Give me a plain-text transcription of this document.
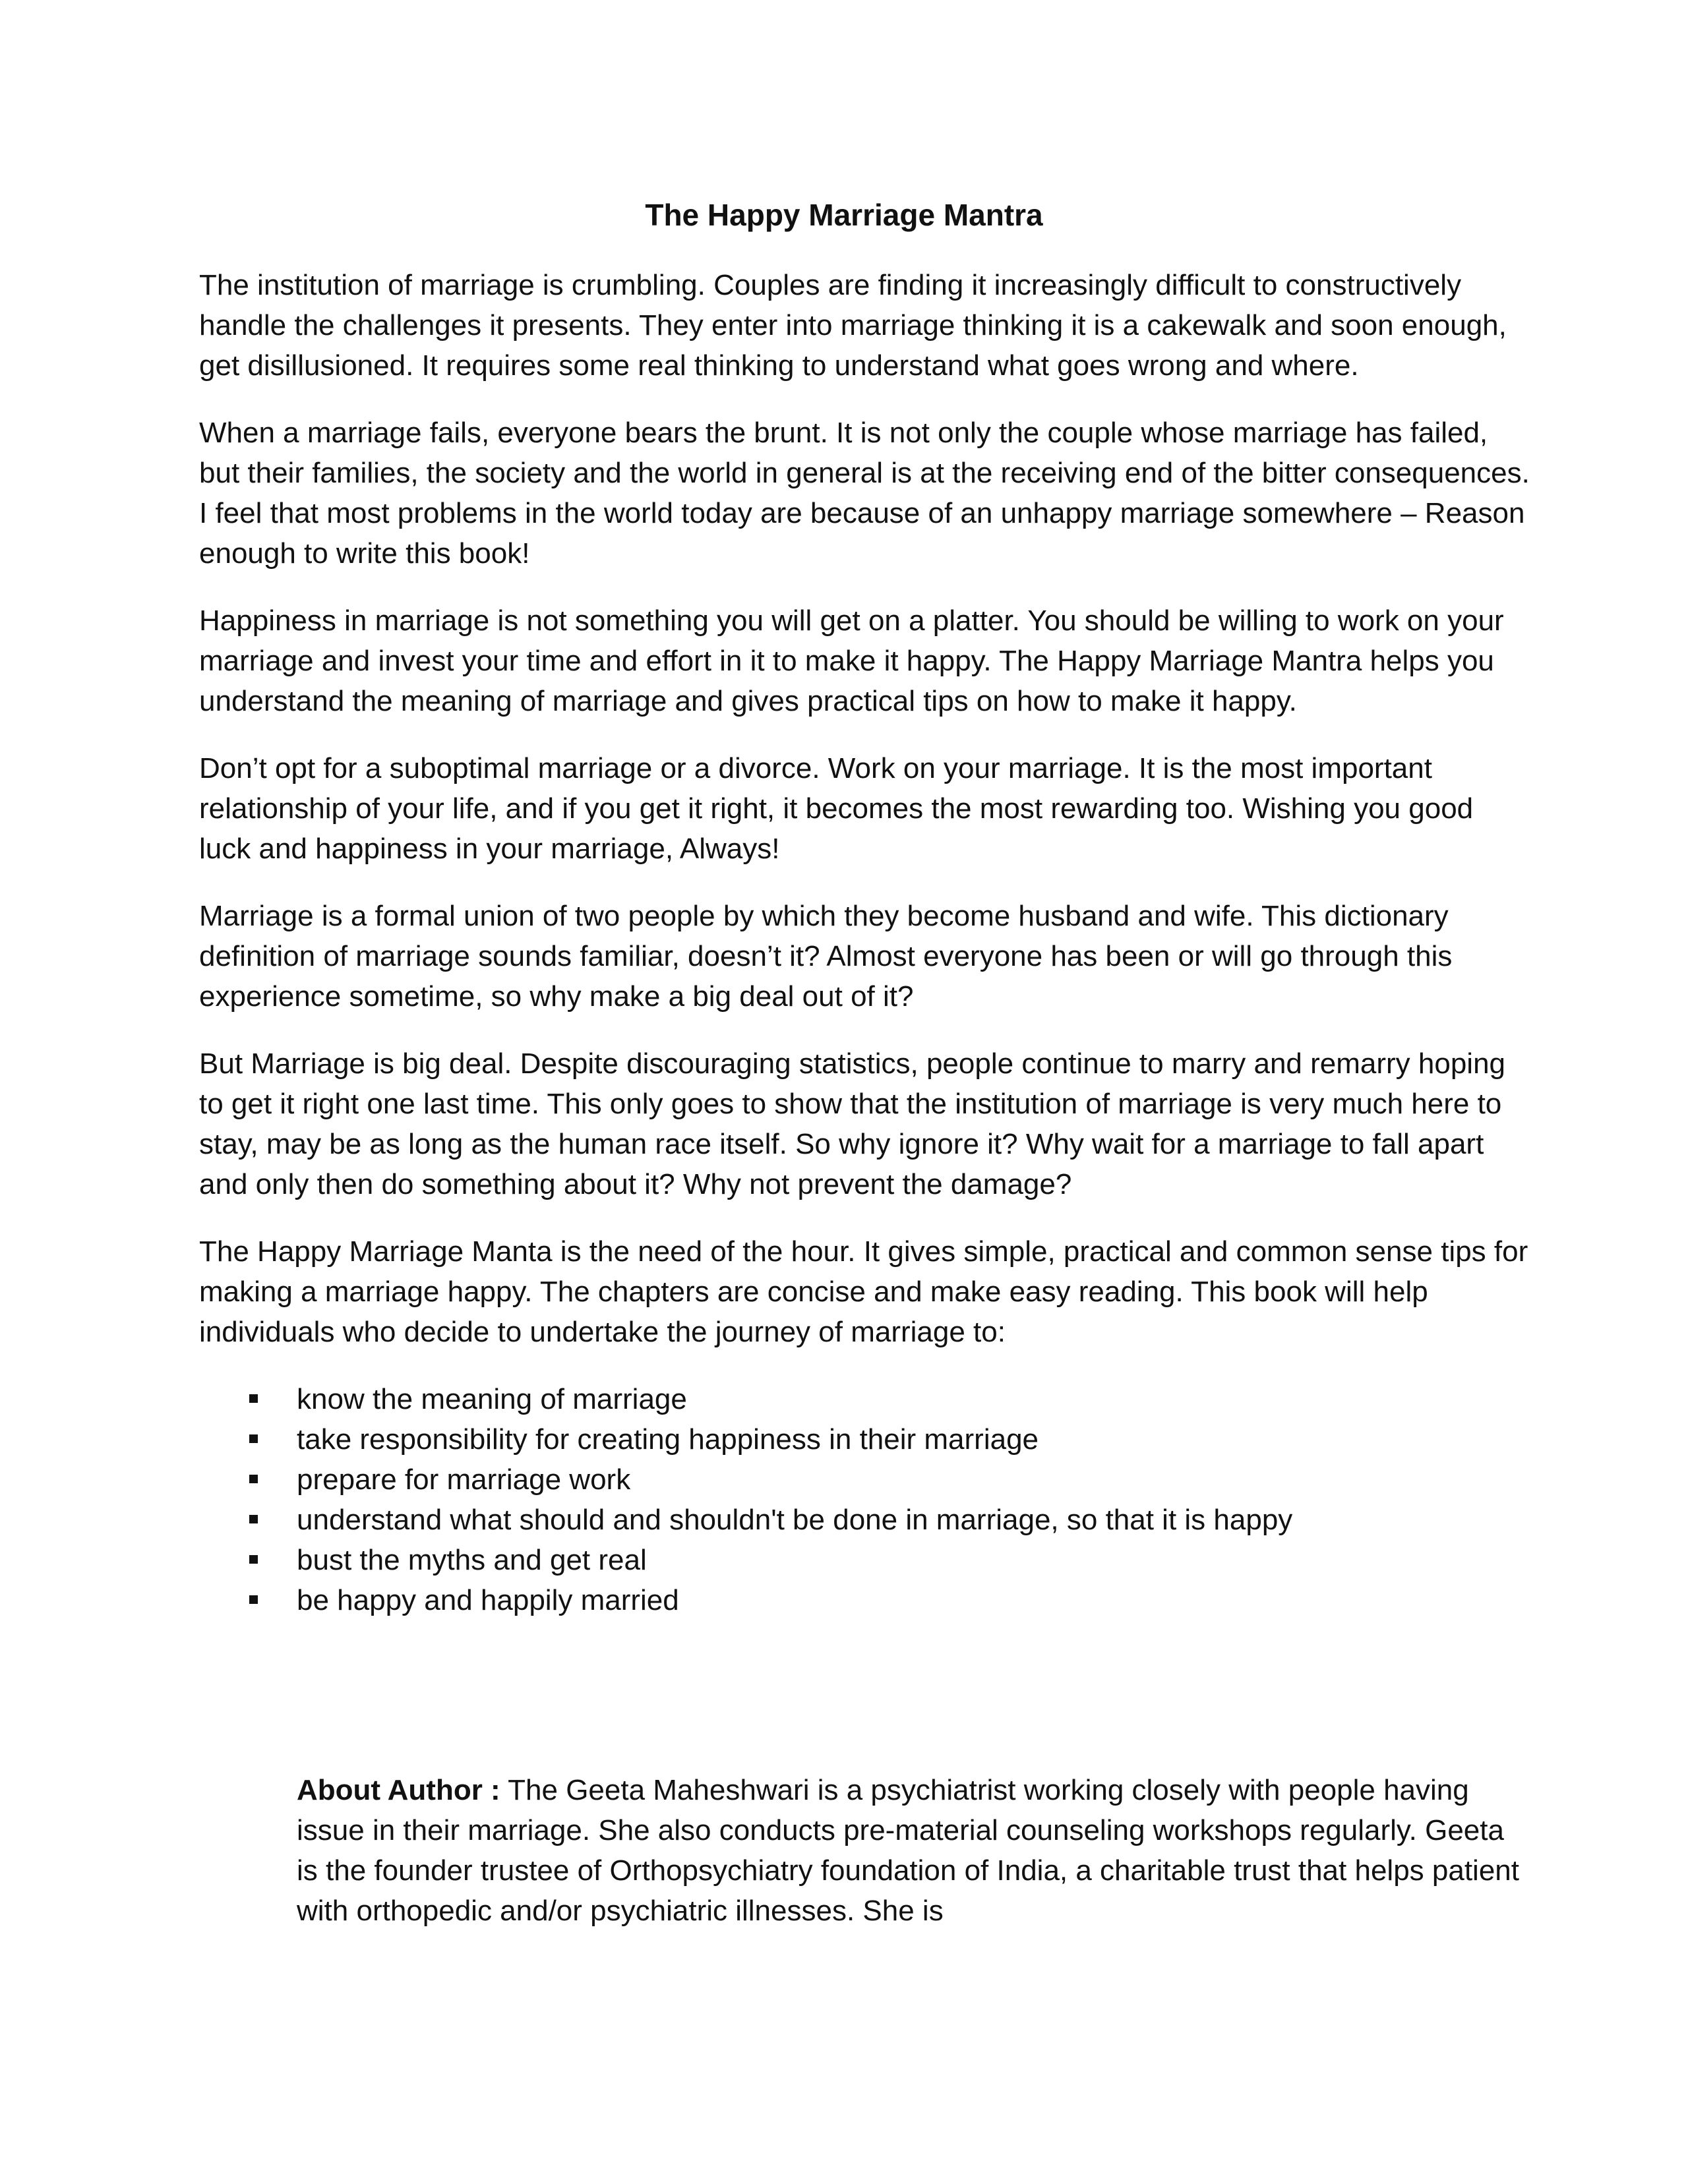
The Happy Marriage Mantra

The institution of marriage is crumbling. Couples are finding it increasingly difficult to constructively handle the challenges it presents. They enter into marriage thinking it is a cakewalk and soon enough, get disillusioned. It requires some real thinking to understand what goes wrong and where.

When a marriage fails, everyone bears the brunt. It is not only the couple whose marriage has failed, but their families, the society and the world in general is at the receiving end of the bitter consequences. I feel that most problems in the world today are because of an unhappy marriage somewhere – Reason enough to write this book!

Happiness in marriage is not something you will get on a platter. You should be willing to work on your marriage and invest your time and effort in it to make it happy. The Happy Marriage Mantra helps you understand the meaning of marriage and gives practical tips on how to make it happy.

Don’t opt for a suboptimal marriage or a divorce. Work on your marriage. It is the most important relationship of your life, and if you get it right, it becomes the most rewarding too. Wishing you good luck and happiness in your marriage, Always!

Marriage is a formal union of two people by which they become husband and wife. This dictionary definition of marriage sounds familiar, doesn’t it? Almost everyone has been or will go through this experience sometime, so why make a big deal out of it?

But Marriage is big deal. Despite discouraging statistics, people continue to marry and remarry hoping to get it right one last time. This only goes to show that the institution of marriage is very much here to stay, may be as long as the human race itself. So why ignore it? Why wait for a marriage to fall apart and only then do something about it? Why not prevent the damage?

The Happy Marriage Manta is the need of the hour. It gives simple, practical and common sense tips for making a marriage happy. The chapters are concise and make easy reading. This book will help individuals who decide to undertake the journey of marriage to:

know the meaning of marriage
take responsibility for creating happiness in their marriage
prepare for marriage work
understand what should and shouldn't be done in marriage, so that it is happy
bust the myths and get real
be happy and happily married

About Author : The Geeta Maheshwari is a psychiatrist working closely with people having issue in their marriage. She also conducts pre-material counseling workshops regularly. Geeta is the founder trustee of Orthopsychiatry foundation of India, a charitable trust that helps patient with orthopedic and/or psychiatric illnesses. She is
